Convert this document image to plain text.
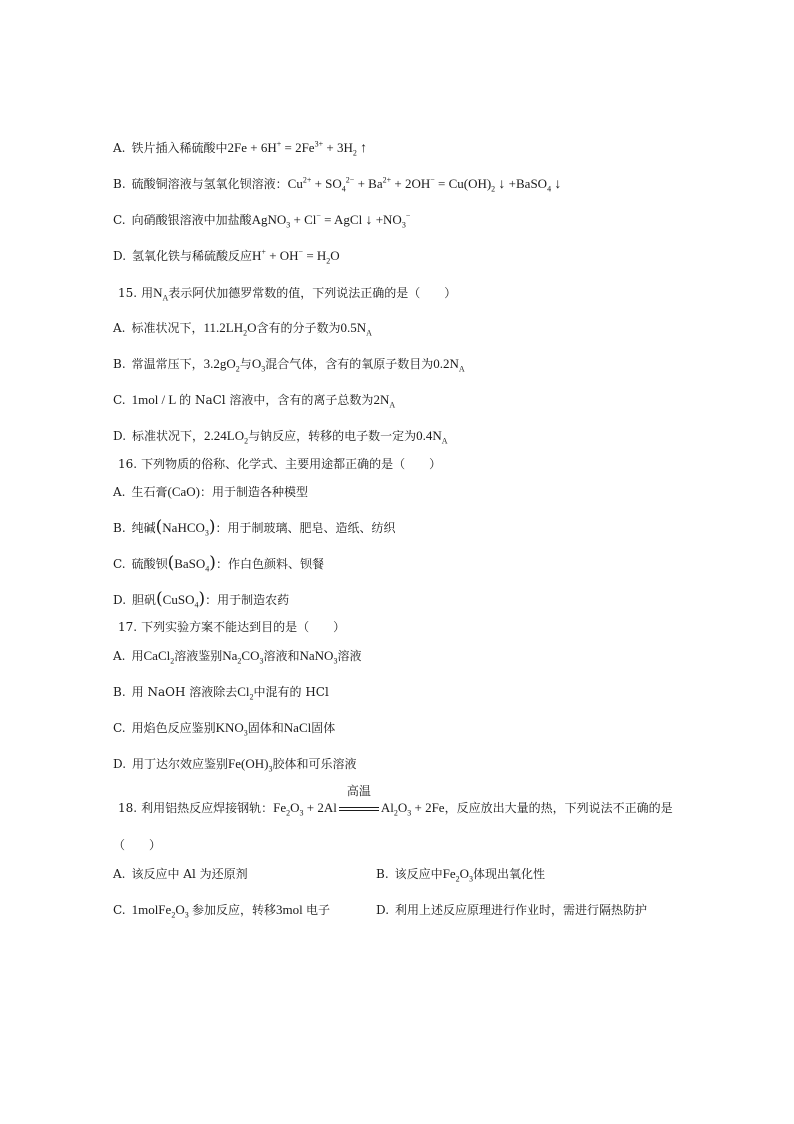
A. 铁片插入稀硫酸中$2Fe + 6H^+ = 2Fe^{3+} + 3H_2$ ↑
B. 硫酸铜溶液与氢氧化钡溶液：$Cu^{2+} + SO_4^{2-} + Ba^{2+} + 2OH^- = Cu(OH)_2$ ↓ +BaSO$_4$ ↓
C. 向硝酸银溶液中加盐酸AgNO$_3$ + Cl− = AgCl ↓ $+NO_3^-$
D. 氢氧化铁与稀硫酸反应$H^+ + OH^- = H_2O$
15. 用$N_A$表示阿伏加德罗常数的值，下列说法正确的是（　　）
A. 标准状况下，$11.2LH_2O$含有的分子数为$0.5N_A$
B. 常温常压下，$3.2gO_2$与$O_3$混合气体，含有的氧原子数目为$0.2N_A$
C. 1mol / L 的 NaCl 溶液中，含有的离子总数为$2N_A$
D. 标准状况下，$2.24LO_2$与钠反应，转移的电子数一定为$0.4N_A$
16. 下列物质的俗称、化学式、主要用途都正确的是（　　）
A. 生石膏(CaO)：用于制造各种模型
B. 纯碱(NaHCO$_3$)：用于制玻璃、肥皂、造纸、纺织
C. 硫酸钡(BaSO$_4$)：作白色颜料、钡餐
D. 胆矾(CuSO$_4$)：用于制造农药
17. 下列实验方案不能达到目的是（　　）
A. 用CaCl$_2$溶液鉴别$Na_2CO_3$溶液和NaNO$_3$溶液
B. 用 NaOH 溶液除去$Cl_2$中混有的 HCl
C. 用焰色反应鉴别$KNO_3$固体和NaCl固体
D. 用丁达尔效应鉴别$Fe(OH)_3$胶体和可乐溶液
18. 利用铝热反应焊接钢轨：$Fe_2O_3 + 2Al$
高温
$Al_2O_3 + 2Fe$，反应放出大量的热，下列说法不正确的是
（　　）
A. 该反应中 Al 为还原剂	B. 该反应中$Fe_2O_3$体现出氧化性
C. $1molFe_2O_3$ 参加反应，转移3mol 电子	D. 利用上述反应原理进行作业时，需进行隔热防护
